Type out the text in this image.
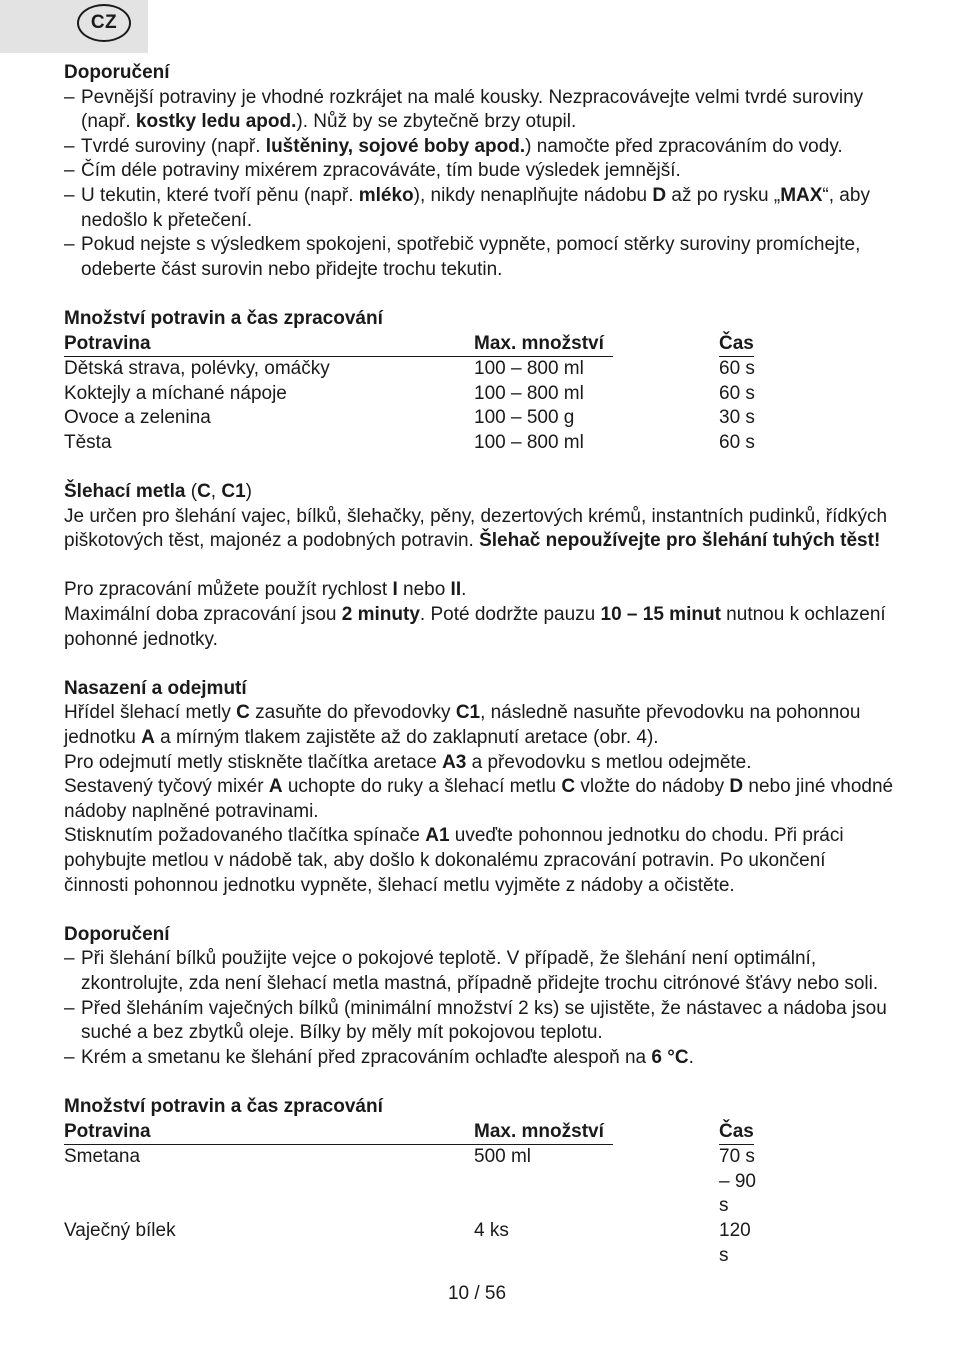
CZ
Doporučení
– Pevnější potraviny je vhodné rozkrájet na malé kousky. Nezpracovávejte velmi tvrdé suroviny (např. kostky ledu apod.). Nůž by se zbytečně brzy otupil.
– Tvrdé suroviny (např. luštěniny, sojové boby apod.) namočte před zpracováním do vody.
– Čím déle potraviny mixérem zpracováváte, tím bude výsledek jemnější.
– U tekutin, které tvoří pěnu (např. mléko), nikdy nenaplňujte nádobu D až po rysku „MAX“, aby nedošlo k přetečení.
– Pokud nejste s výsledkem spokojeni, spotřebič vypněte, pomocí stěrky suroviny promíchejte, odeberte část surovin nebo přidejte trochu tekutin.
Množství potravin a čas zpracování
Potravina	Max. množství	Čas
Dětská strava, polévky, omáčky	100 – 800 ml	60 s
Koktejly a míchané nápoje	100 – 800 ml	60 s
Ovoce a zelenina	100 – 500 g	30 s
Těsta	100 – 800 ml	60 s
Šlehací metla (C, C1)

Je určen pro šlehání vajec, bílků, šlehačky, pěny, dezertových krémů, instantních pudinků, řídkých piškotových těst, majonéz a podobných potravin. Šlehač nepoužívejte pro šlehání tuhých těst!

Pro zpracování můžete použít rychlost I nebo II.

Maximální doba zpracování jsou 2 minuty. Poté dodržte pauzu 10 – 15 minut nutnou k ochlazení pohonné jednotky.

Nasazení a odejmutí

Hřídel šlehací metly C zasuňte do převodovky C1, následně nasuňte převodovku na pohonnou jednotku A a mírným tlakem zajistěte až do zaklapnutí aretace (obr. 4).

Pro odejmutí metly stiskněte tlačítka aretace A3 a převodovku s metlou odejměte.

Sestavený tyčový mixér A uchopte do ruky a šlehací metlu C vložte do nádoby D nebo jiné vhodné nádoby naplněné potravinami.

Stisknutím požadovaného tlačítka spínače A1 uveďte pohonnou jednotku do chodu. Při práci pohybujte metlou v nádobě tak, aby došlo k dokonalému zpracování potravin. Po ukončení činnosti pohonnou jednotku vypněte, šlehací metlu vyjměte z nádoby a očistěte.

Doporučení
– Při šlehání bílků použijte vejce o pokojové teplotě. V případě, že šlehání není optimální, zkontrolujte, zda není šlehací metla mastná, případně přidejte trochu citrónové šťávy nebo soli.
– Před šleháním vaječných bílků (minimální množství 2 ks) se ujistěte, že nástavec a nádoba jsou suché a bez zbytků oleje. Bílky by měly mít pokojovou teplotu.
– Krém a smetanu ke šlehání před zpracováním ochlaďte alespoň na 6 °C.
Množství potravin a čas zpracování
Potravina	Max. množství	Čas
Smetana	500 ml	70 s – 90 s
Vaječný bílek	4 ks	120 s
10 / 56
